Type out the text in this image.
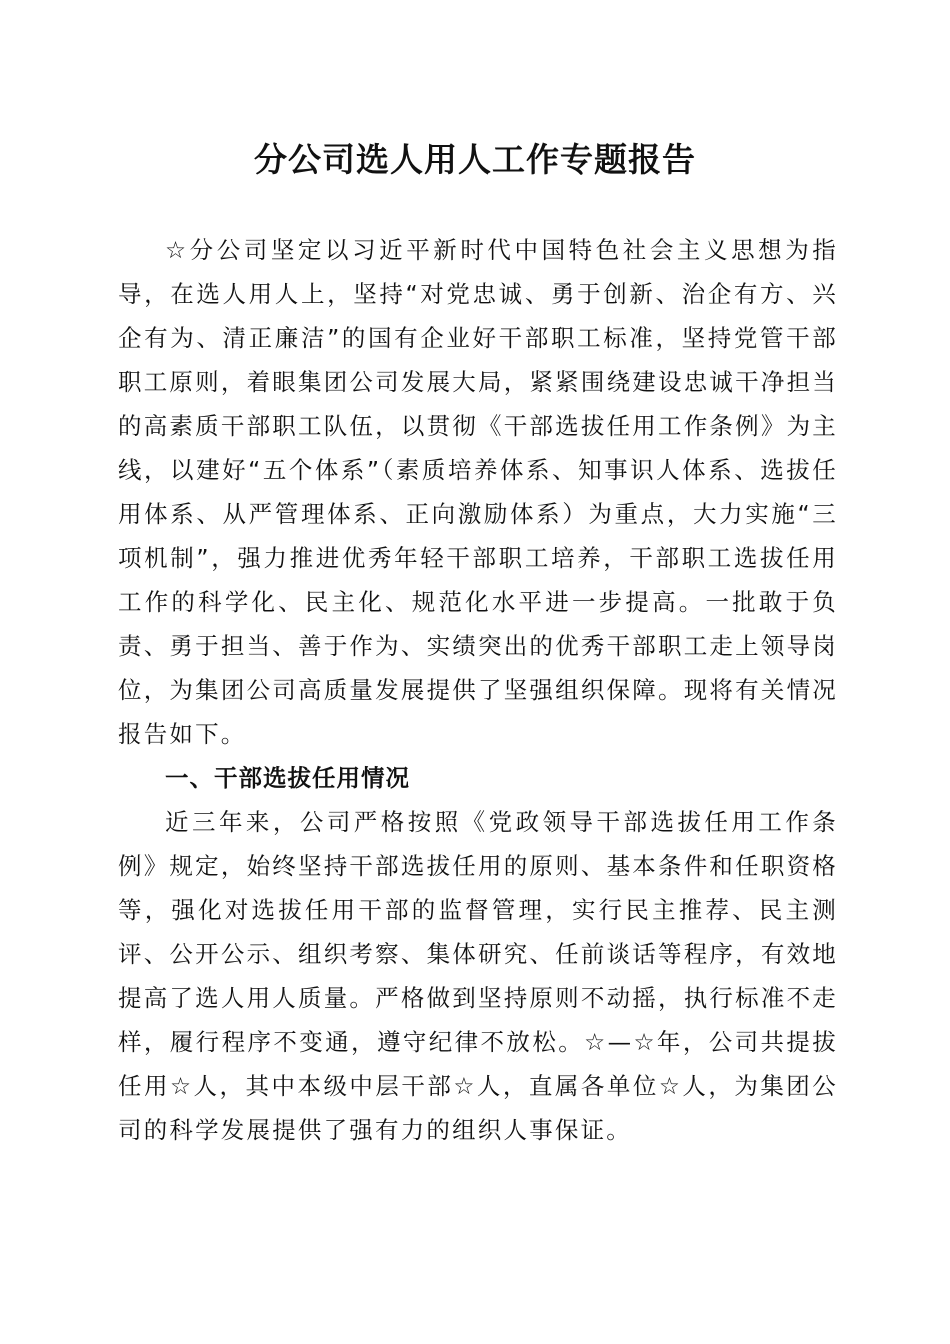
分公司选人用人工作专题报告

☆分公司坚定以习近平新时代中国特色社会主义思想为指导，在选人用人上，坚持“对党忠诚、勇于创新、治企有方、兴企有为、清正廉洁”的国有企业好干部职工标准，坚持党管干部职工原则，着眼集团公司发展大局，紧紧围绕建设忠诚干净担当的高素质干部职工队伍，以贯彻《干部选拔任用工作条例》为主线，以建好“五个体系”（素质培养体系、知事识人体系、选拔任用体系、从严管理体系、正向激励体系）为重点，大力实施“三项机制”，强力推进优秀年轻干部职工培养，干部职工选拔任用工作的科学化、民主化、规范化水平进一步提高。一批敢于负责、勇于担当、善于作为、实绩突出的优秀干部职工走上领导岗位，为集团公司高质量发展提供了坚强组织保障。现将有关情况报告如下。

一、干部选拔任用情况

近三年来，公司严格按照《党政领导干部选拔任用工作条例》规定，始终坚持干部选拔任用的原则、基本条件和任职资格等，强化对选拔任用干部的监督管理，实行民主推荐、民主测评、公开公示、组织考察、集体研究、任前谈话等程序，有效地提高了选人用人质量。严格做到坚持原则不动摇，执行标准不走样，履行程序不变通，遵守纪律不放松。☆—☆年，公司共提拔任用☆人，其中本级中层干部☆人，直属各单位☆人，为集团公司的科学发展提供了强有力的组织人事保证。
